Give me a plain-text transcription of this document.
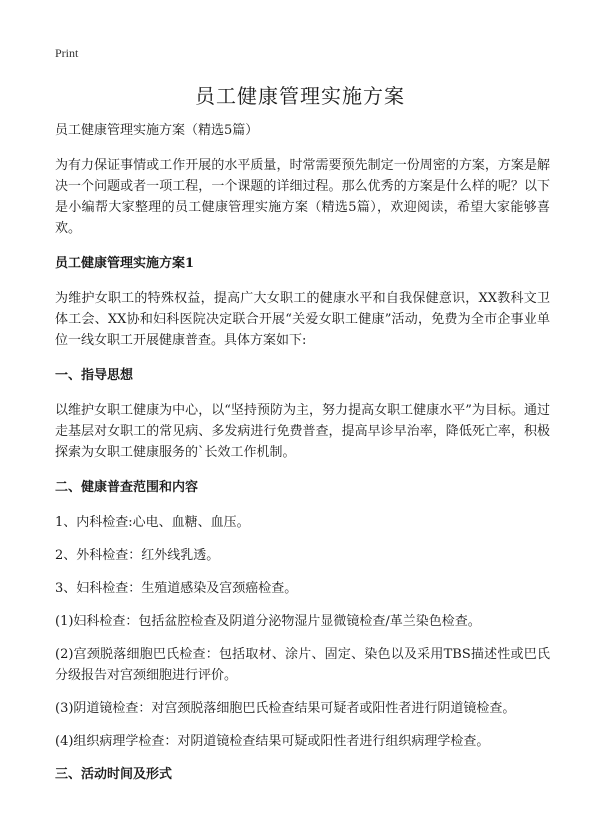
Print
员工健康管理实施方案

员工健康管理实施方案（精选5篇）

为有力保证事情或工作开展的水平质量，时常需要预先制定一份周密的方案，方案是解决一个问题或者一项工程，一个课题的详细过程。那么优秀的方案是什么样的呢？以下是小编帮大家整理的员工健康管理实施方案（精选5篇），欢迎阅读，希望大家能够喜欢。

员工健康管理实施方案1

为维护女职工的特殊权益，提高广大女职工的健康水平和自我保健意识，XX教科文卫体工会、XX协和妇科医院决定联合开展“关爱女职工健康”活动，免费为全市企事业单位一线女职工开展健康普查。具体方案如下:

一、指导思想

以维护女职工健康为中心，以“坚持预防为主，努力提高女职工健康水平”为目标。通过走基层对女职工的常见病、多发病进行免费普查，提高早诊早治率，降低死亡率，积极探索为女职工健康服务的`长效工作机制。

二、健康普查范围和内容

1、内科检查:心电、血糖、血压。

2、外科检查：红外线乳透。

3、妇科检查：生殖道感染及宫颈癌检查。

(1)妇科检查：包括盆腔检查及阴道分泌物湿片显微镜检查/革兰染色检查。

(2)宫颈脱落细胞巴氏检查：包括取材、涂片、固定、染色以及采用TBS描述性或巴氏分级报告对宫颈细胞进行评价。

(3)阴道镜检查：对宫颈脱落细胞巴氏检查结果可疑者或阳性者进行阴道镜检查。

(4)组织病理学检查：对阴道镜检查结果可疑或阳性者进行组织病理学检查。

三、活动时间及形式
